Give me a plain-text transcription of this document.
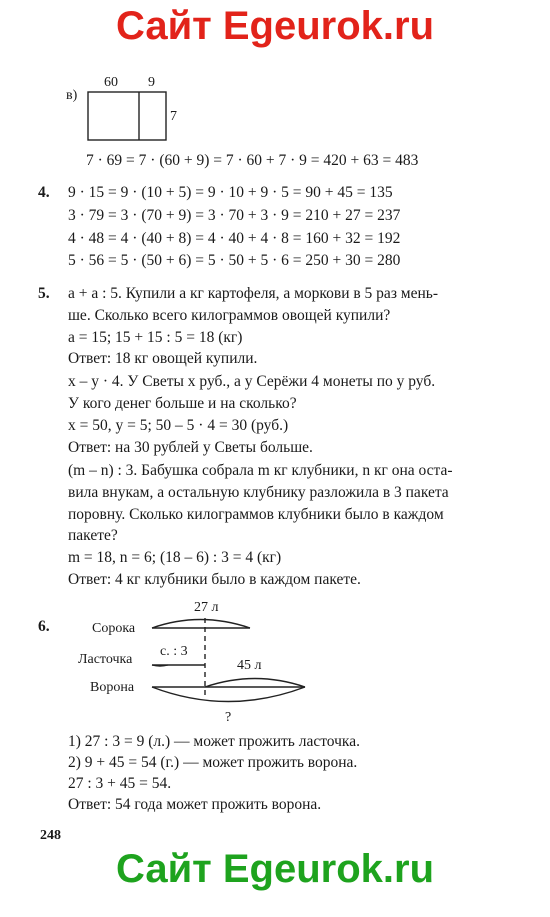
Сайт Egeurok.ru
в)
60 9
7
7 · 69 = 7 · (60 + 9) = 7 · 60 + 7 · 9 = 420 + 63 = 483
4. 9 · 15 = 9 · (10 + 5) = 9 · 10 + 9 · 5 = 90 + 45 = 135
3 · 79 = 3 · (70 + 9) = 3 · 70 + 3 · 9 = 210 + 27 = 237
4 · 48 = 4 · (40 + 8) = 4 · 40 + 4 · 8 = 160 + 32 = 192
5 · 56 = 5 · (50 + 6) = 5 · 50 + 5 · 6 = 250 + 30 = 280
5. a + a : 5. Купили a кг картофеля, а моркови в 5 раз мень-
ше. Сколько всего килограммов овощей купили?
a = 15; 15 + 15 : 5 = 18 (кг)
Ответ: 18 кг овощей купили.
x – y · 4. У Светы x руб., а у Серёжи 4 монеты по y руб.
У кого денег больше и на сколько?
x = 50, y = 5; 50 – 5 · 4 = 30 (руб.)
Ответ: на 30 рублей у Светы больше.
(m – n) : 3. Бабушка собрала m кг клубники, n кг она оста-
вила внукам, а остальную клубнику разложила в 3 пакета
поровну. Сколько килограммов клубники было в каждом
пакете?
m = 18, n = 6; (18 – 6) : 3 = 4 (кг)
Ответ: 4 кг клубники было в каждом пакете.
6.
27 л
Сорока
с. : 3
Ласточка	45 л
Ворона
?
1) 27 : 3 = 9 (л.) — может прожить ласточка.
2) 9 + 45 = 54 (г.) — может прожить ворона.
27 : 3 + 45 = 54.
Ответ: 54 года может прожить ворона.
248
Сайт Egeurok.ru
